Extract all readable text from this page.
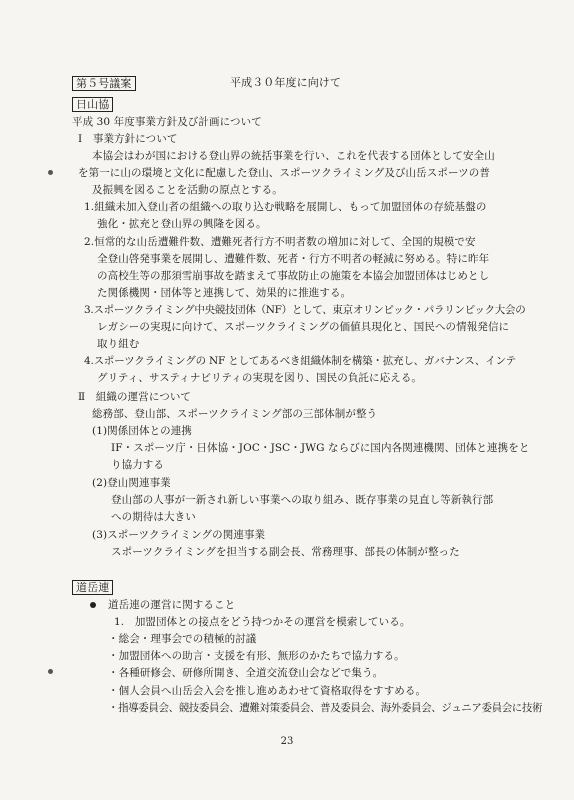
第５号議案	平成３０年度に向けて
日山協
平成 30 年度事業方針及び計画について
Ⅰ　事業方針について
本協会はわが国における登山界の統括事業を行い、これを代表する団体として安全山
を第一に山の環境と文化に配慮した登山、スポーツクライミング及び山岳スポーツの普
及振興を図ることを活動の原点とする。
1.組織未加入登山者の組織への取り込む戦略を展開し、もって加盟団体の存続基盤の
強化・拡充と登山界の興隆を図る。
2.恒常的な山岳遭難件数、遭難死者行方不明者数の増加に対して、全国的規模で安
全登山啓発事業を展開し、遭難件数、死者・行方不明者の軽減に努める。特に昨年
の高校生等の那須雪崩事故を踏まえて事故防止の施策を本協会加盟団体はじめとし
た関係機関・団体等と連携して、効果的に推進する。
3.スポーツクライミング中央競技団体（NF）として、東京オリンピック・パラリンピック大会の
レガシーの実現に向けて、スポーツクライミングの価値具現化と、国民への情報発信に
取り組む
4.スポーツクライミングの NF としてあるべき組織体制を構築・拡充し、ガバナンス、インテ
グリティ、サスティナビリティの実現を図り、国民の負託に応える。
Ⅱ　組織の運営について
総務部、登山部、スポーツクライミング部の三部体制が整う
(1)関係団体との連携
IF・スポーツ庁・日体協・JOC・JSC・JWG ならびに国内各関連機関、団体と連携をと
り協力する
(2)登山関連事業
登山部の人事が一新され新しい事業への取り組み、既存事業の見直し等新執行部
への期待は大きい
(3)スポーツクライミングの関連事業
スポーツクライミングを担当する副会長、常務理事、部長の体制が整った
道岳連
道岳連の運営に関すること
1.　加盟団体との接点をどう持つかその運営を模索している。
・総会・理事会での積極的討議
・加盟団体への助言・支援を有形、無形のかたちで協力する。
・各種研修会、研修所開き、全道交流登山会などで集う。
・個人会員へ山岳会入会を推し進めあわせて資格取得をすすめる。
・指導委員会、競技委員会、遭難対策委員会、普及委員会、海外委員会、ジュニア委員会に技術
23
